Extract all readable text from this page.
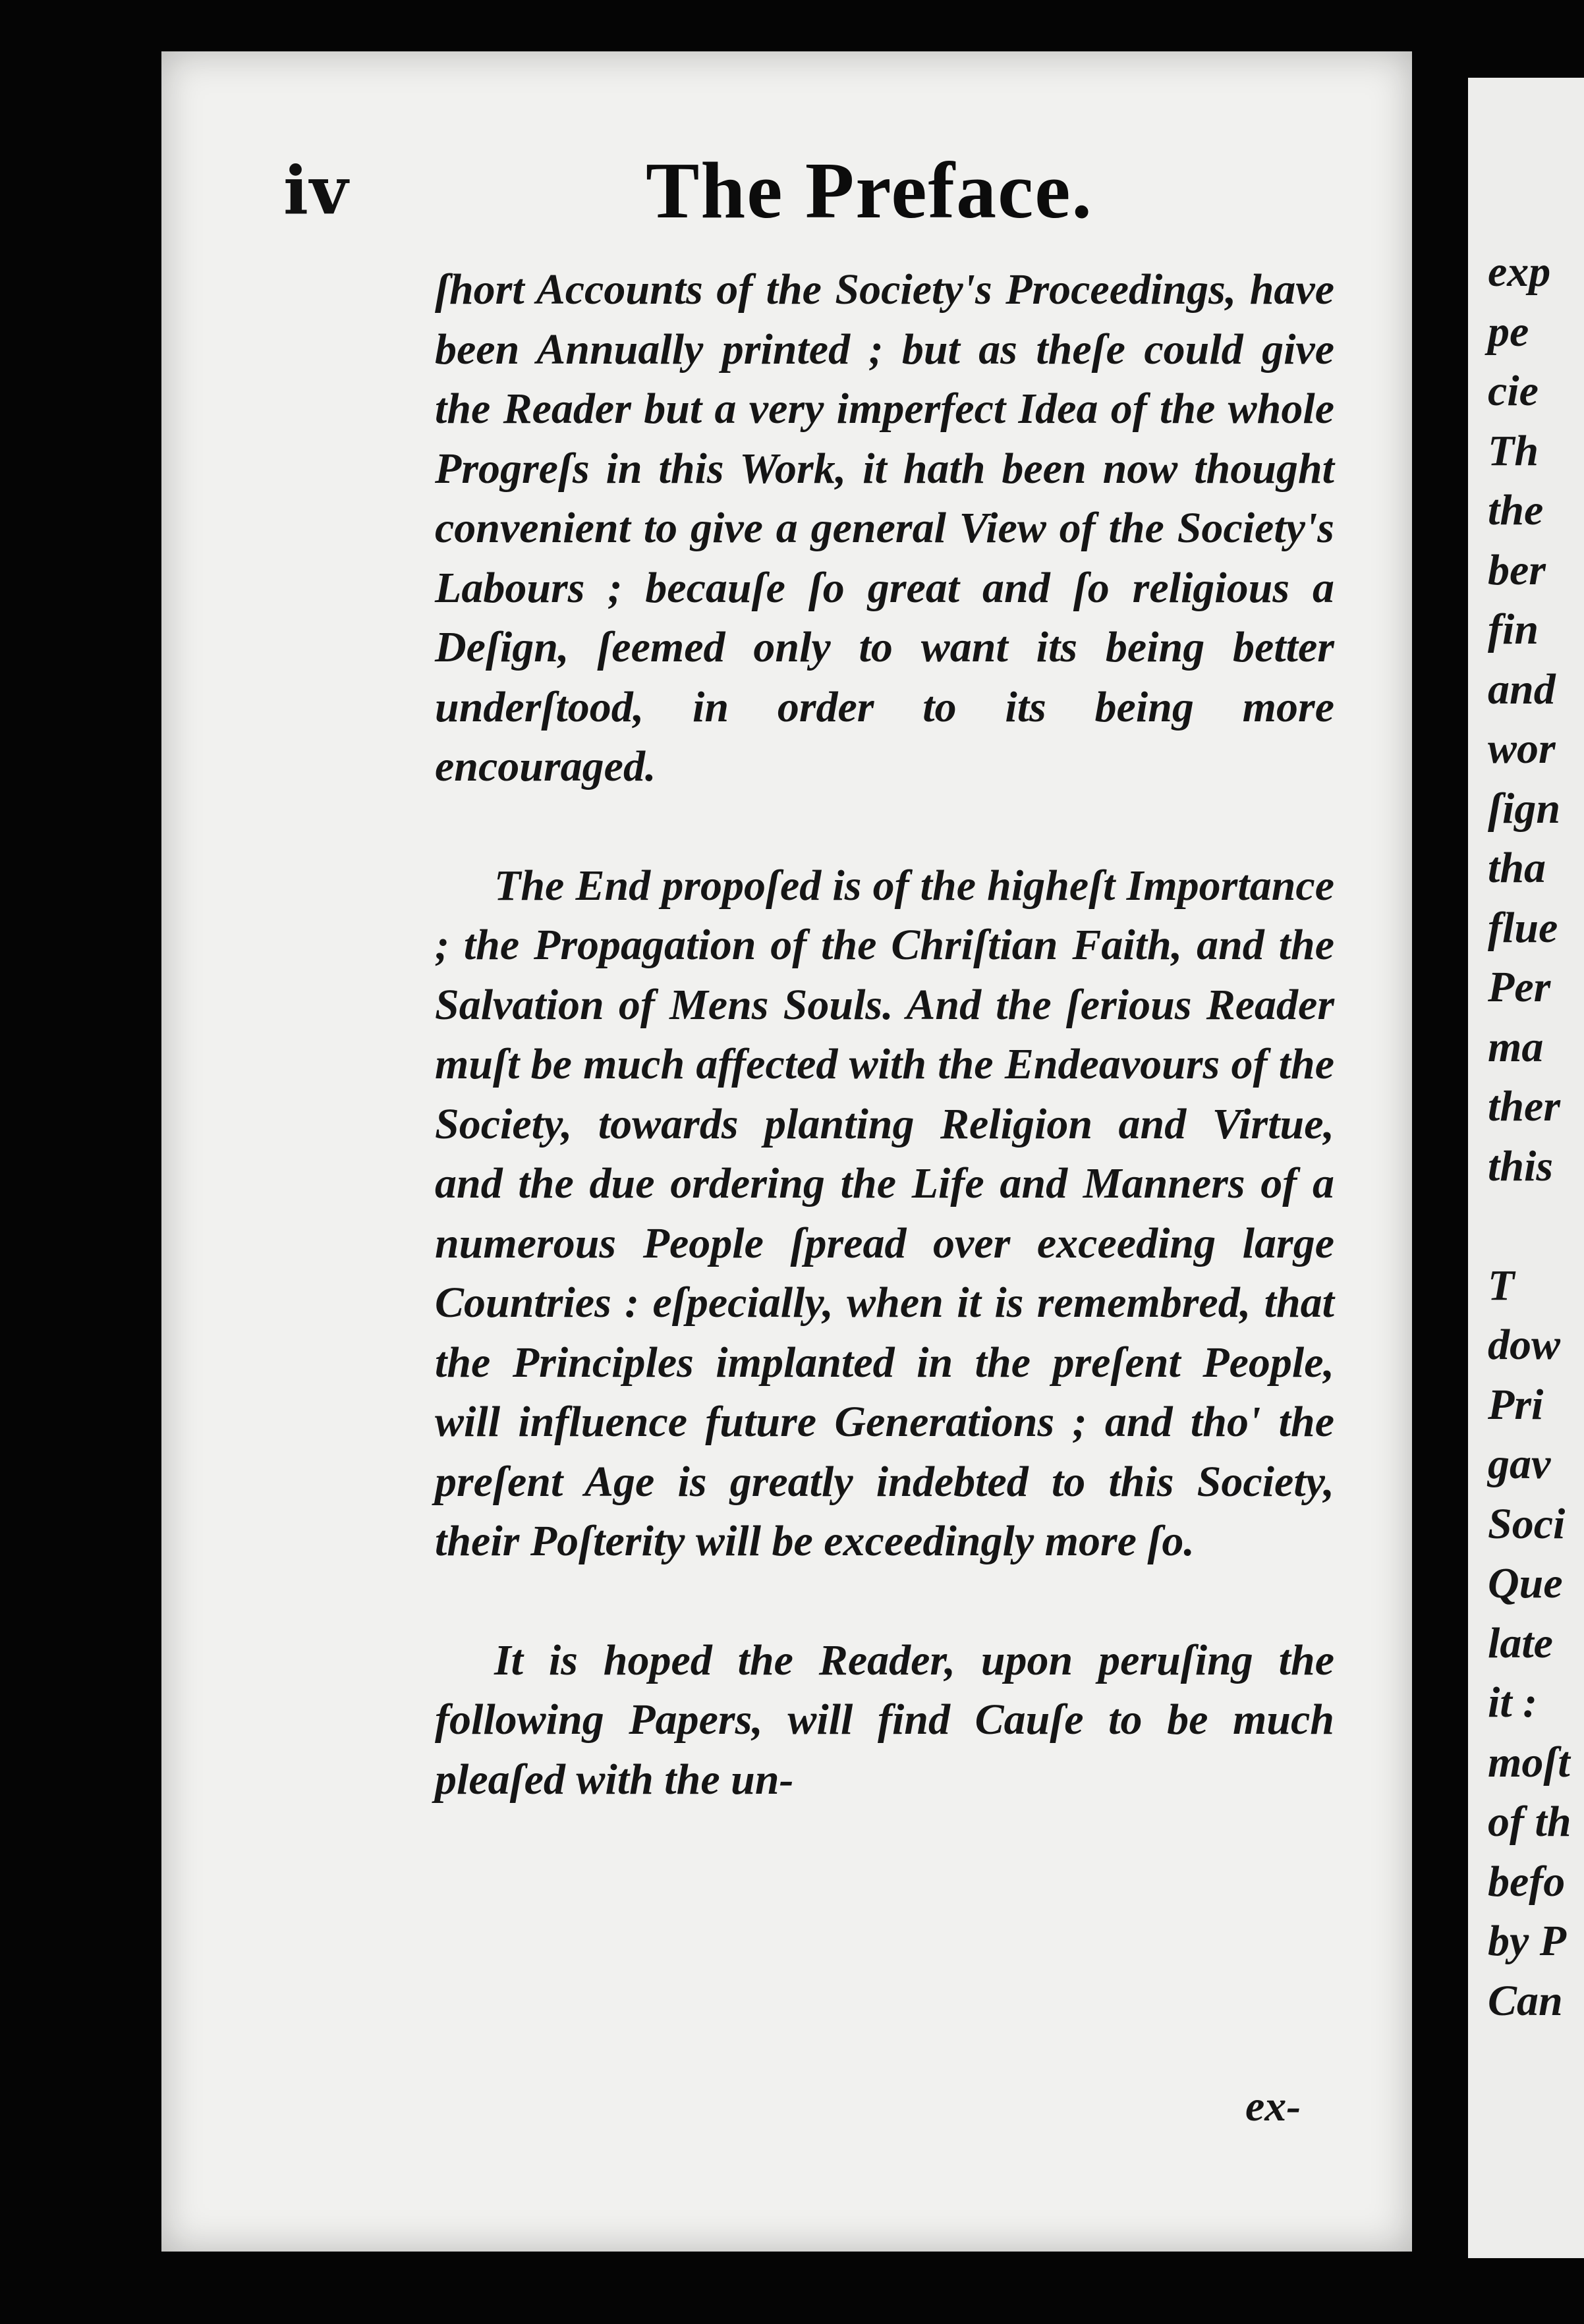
iv	The Preface.

ſhort Accounts of the Society's Proceedings, have been Annually printed ; but as theſe could give the Reader but a very imperfect Idea of the whole Progreſs in this Work, it hath been now thought convenient to give a general View of the Society's Labours ; becauſe ſo great and ſo religious a Deſign, ſeemed only to want its being better underſtood, in order to its being more encouraged.

The End propoſed is of the higheſt Importance ; the Propagation of the Chriſtian Faith, and the Salvation of Mens Souls. And the ſerious Reader muſt be much affected with the Endeavours of the Society, towards planting Religion and Virtue, and the due ordering the Life and Manners of a numerous People ſpread over exceeding large Countries : eſpecially, when it is remembred, that the Principles implanted in the preſent People, will influence future Generations ; and tho' the preſent Age is greatly indebted to this Society, their Poſterity will be exceedingly more ſo.

It is hoped the Reader, upon peruſing the following Papers, will find Cauſe to be much pleaſed with the un-

ex-
exp
pe
cie
Th
the
ber
fin
and
wor
ſign
tha
flue
Per
ma
ther
this

T
dow
Pri
gav
Soci
Que
late
it :
moſt
of th
befo
by P
Can
